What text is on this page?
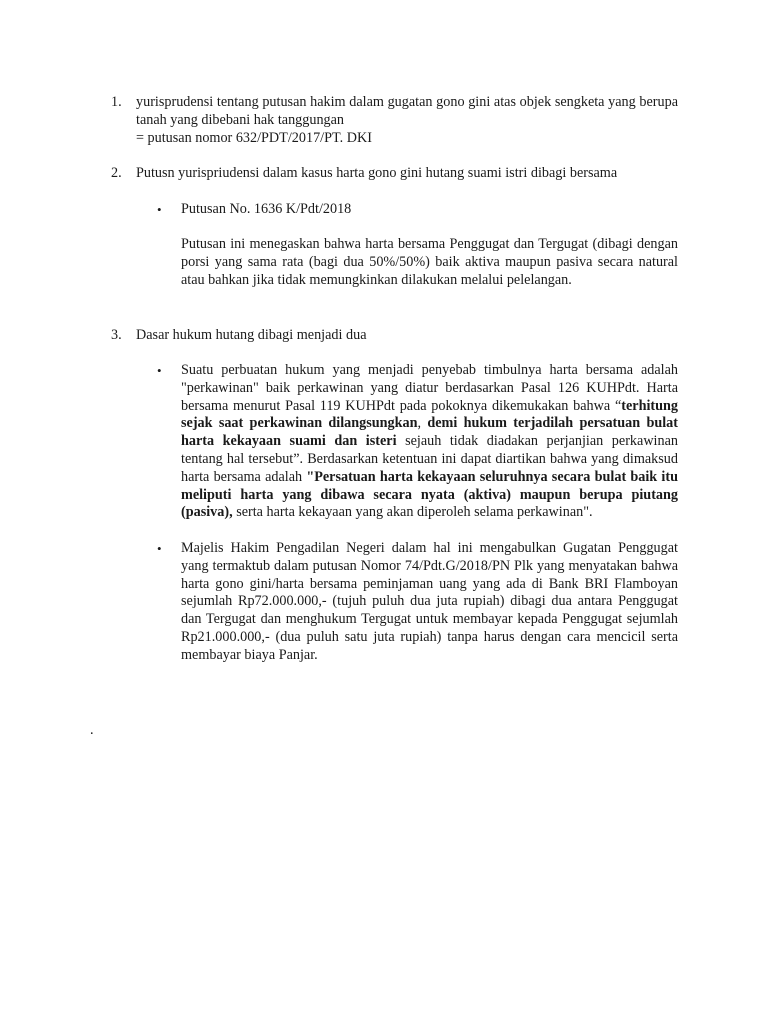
1.	yurisprudensi tentang putusan hakim dalam gugatan gono gini atas objek sengketa yang berupa tanah yang dibebani hak tanggungan
= putusan nomor 632/PDT/2017/PT. DKI
2.	Putusn yurispriudensi dalam kasus harta gono gini hutang suami istri dibagi bersama
•	Putusan No. 1636 K/Pdt/2018
Putusan ini menegaskan bahwa harta bersama Penggugat dan Tergugat (dibagi dengan porsi yang sama rata (bagi dua 50%/50%) baik aktiva maupun pasiva secara natural atau bahkan jika tidak memungkinkan dilakukan melalui pelelangan.
3.	Dasar hukum hutang dibagi menjadi dua
•	Suatu perbuatan hukum yang menjadi penyebab timbulnya harta bersama adalah "perkawinan" baik perkawinan yang diatur berdasarkan Pasal 126 KUHPdt. Harta bersama menurut Pasal 119 KUHPdt pada pokoknya dikemukakan bahwa “terhitung sejak saat perkawinan dilangsungkan, demi hukum terjadilah persatuan bulat harta kekayaan suami dan isteri sejauh tidak diadakan perjanjian perkawinan tentang hal tersebut”. Berdasarkan ketentuan ini dapat diartikan bahwa yang dimaksud harta bersama adalah "Persatuan harta kekayaan seluruhnya secara bulat baik itu meliputi harta yang dibawa secara nyata (aktiva) maupun berupa piutang (pasiva), serta harta kekayaan yang akan diperoleh selama perkawinan".
•	Majelis Hakim Pengadilan Negeri dalam hal ini mengabulkan Gugatan Penggugat yang termaktub dalam putusan Nomor 74/Pdt.G/2018/PN Plk yang menyatakan bahwa harta gono gini/harta bersama peminjaman uang yang ada di Bank BRI Flamboyan sejumlah Rp72.000.000,- (tujuh puluh dua juta rupiah) dibagi dua antara Penggugat dan Tergugat dan menghukum Tergugat untuk membayar kepada Penggugat sejumlah Rp21.000.000,- (dua puluh satu juta rupiah) tanpa harus dengan cara mencicil serta membayar biaya Panjar.
.
